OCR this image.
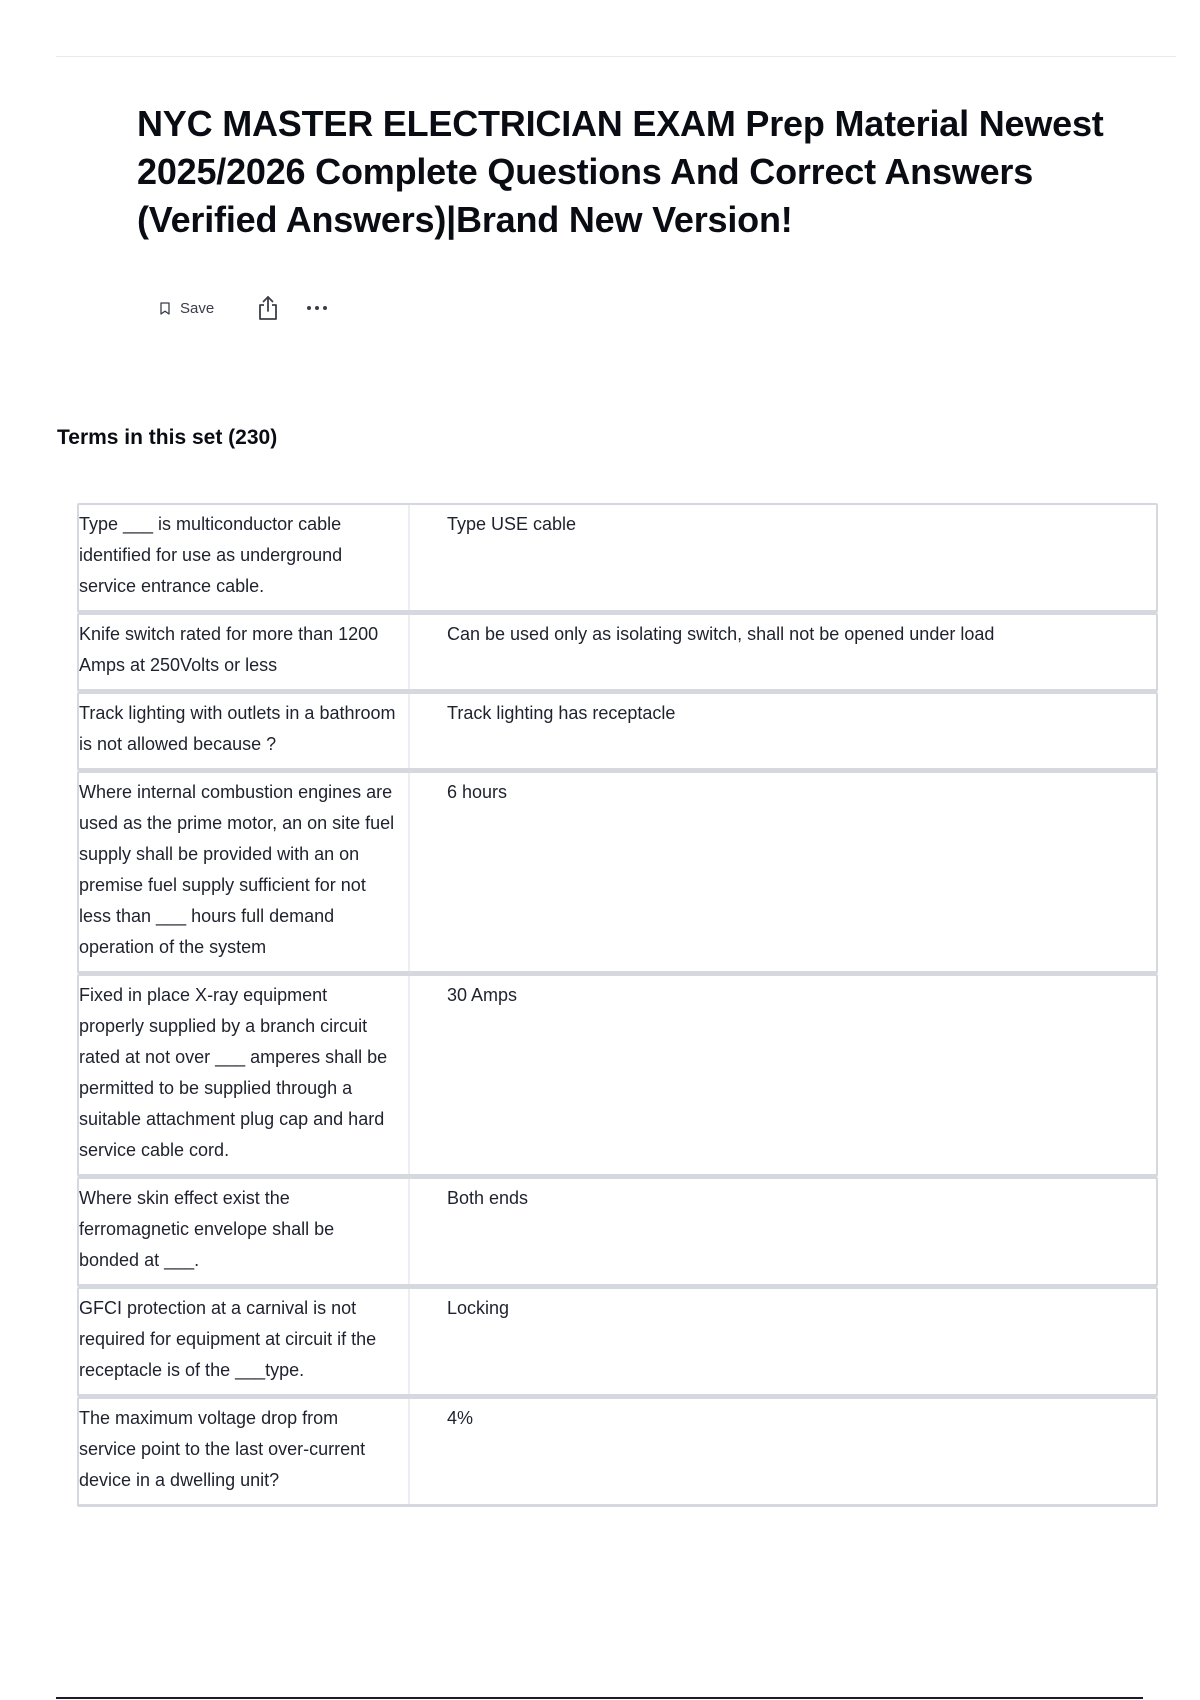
NYC MASTER ELECTRICIAN EXAM Prep Material Newest 2025/2026 Complete Questions And Correct Answers (Verified Answers)|Brand New Version!
Save
Terms in this set (230)
Type ___ is multiconductor cable identified for use as underground service entrance cable.
Type USE cable
Knife switch rated for more than 1200 Amps at 250Volts or less
Can be used only as isolating switch, shall not be opened under load
Track lighting with outlets in a bathroom is not allowed because ?
Track lighting has receptacle
Where internal combustion engines are used as the prime motor, an on site fuel supply shall be provided with an on premise fuel supply sufficient for not less than ___ hours full demand operation of the system
6 hours
Fixed in place X-ray equipment properly supplied by a branch circuit rated at not over ___ amperes shall be permitted to be supplied through a suitable attachment plug cap and hard service cable cord.
30 Amps
Where skin effect exist the ferromagnetic envelope shall be bonded at ___.
Both ends
GFCI protection at a carnival is not required for equipment at circuit if the receptacle is of the ___type.
Locking
The maximum voltage drop from service point to the last over-current device in a dwelling unit?
4%
